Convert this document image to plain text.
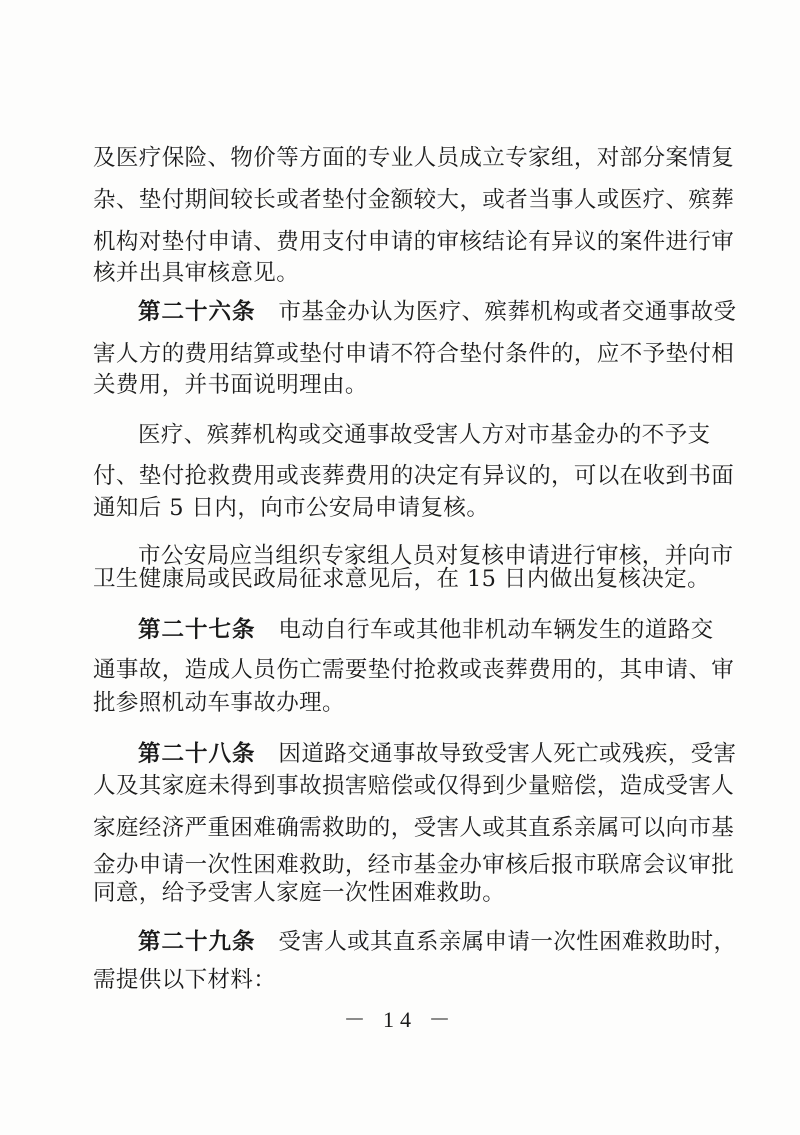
及医疗保险、物价等方面的专业人员成立专家组，对部分案情复
杂、垫付期间较长或者垫付金额较大，或者当事人或医疗、殡葬
机构对垫付申请、费用支付申请的审核结论有异议的案件进行审
核并出具审核意见。
第二十六条  市基金办认为医疗、殡葬机构或者交通事故受
害人方的费用结算或垫付申请不符合垫付条件的，应不予垫付相
关费用，并书面说明理由。
医疗、殡葬机构或交通事故受害人方对市基金办的不予支
付、垫付抢救费用或丧葬费用的决定有异议的，可以在收到书面
通知后 5 日内，向市公安局申请复核。
市公安局应当组织专家组人员对复核申请进行审核，并向市
卫生健康局或民政局征求意见后，在 15 日内做出复核决定。
第二十七条  电动自行车或其他非机动车辆发生的道路交
通事故，造成人员伤亡需要垫付抢救或丧葬费用的，其申请、审
批参照机动车事故办理。
第二十八条  因道路交通事故导致受害人死亡或残疾，受害
人及其家庭未得到事故损害赔偿或仅得到少量赔偿，造成受害人
家庭经济严重困难确需救助的，受害人或其直系亲属可以向市基
金办申请一次性困难救助，经市基金办审核后报市联席会议审批
同意，给予受害人家庭一次性困难救助。
第二十九条  受害人或其直系亲属申请一次性困难救助时，
需提供以下材料：
－ 14 －
